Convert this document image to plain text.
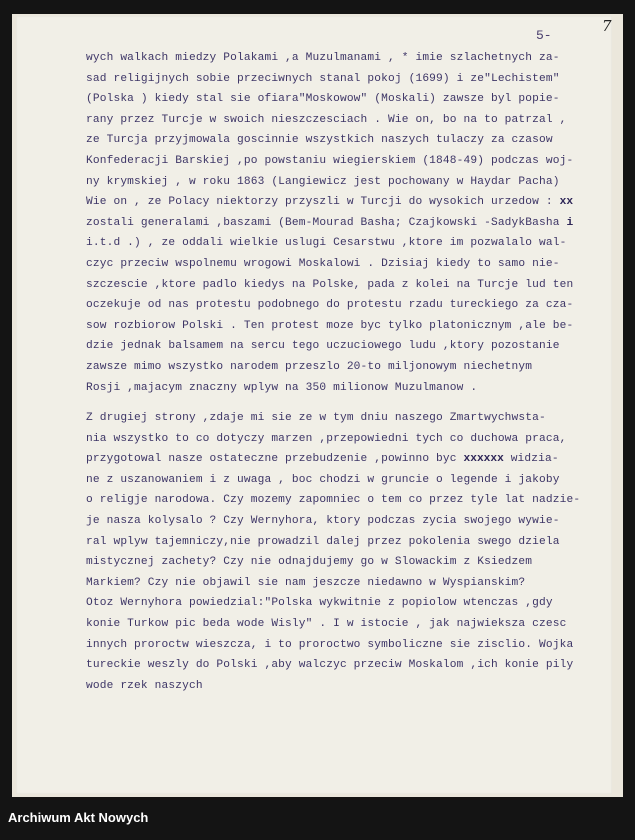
5-
7
wych walkach miedzy Polakami ,a Muzulmanami , * imie szlachetnych za-
sad religijnych sobie przeciwnych stanal pokoj (1699) i ze"Lechistem"
(Polska ) kiedy stal sie ofiara"Moskowow" (Moskali) zawsze byl popie-
rany przez Turcje w swoich nieszczesciach . Wie on, bo na to patrzal ,
ze Turcja przyjmowala goscinnie wszystkich naszych tulaczy za czasow
Konfederacji Barskiej ,po powstaniu wiegierskiem (1848-49) podczas woj-
ny krymskiej , w roku 1863 (Langiewicz jest pochowany w Haydar Pacha)
Wie on , ze Polacy niektorzy przyszli w Turcji do wysokich urzedow : xx
zostali generalami ,baszami (Bem-Mourad Basha; Czajkowski -SadykBasha i
i.t.d .) , ze oddali wielkie uslugi Cesarstwu ,ktore im pozwalalo wal-
czyc przeciw wspolnemu wrogowi Moskalowi . Dzisiaj kiedy to samo nie-
szczescie ,ktore padlo kiedys na Polske, pada z kolei na Turcje lud ten
oczekuje od nas protestu podobnego do protestu rzadu tureckiego za cza-
sow rozbiorow Polski . Ten protest moze byc tylko platonicznym ,ale be-
dzie jednak balsamem na sercu tego uczuciowego ludu ,ktory pozostanie
zawsze mimo wszystko narodem przeszlo 20-to miljonowym niechetnym
Rosji ,majacym znaczny wplyw na 350 milionow Muzulmanow .
Z drugiej strony ,zdaje mi sie ze w tym dniu naszego Zmartwychwsta-
nia wszystko to co dotyczy marzen ,przepowiedni tych co duchowa praca,
przygotowal nasze ostateczne przebudzenie ,powinno byc xxxxxx widzia-
ne z uszanowaniem i z uwaga , boc chodzi w gruncie o legende i jakoby
o religje narodowa. Czy mozemy zapomniec o tem co przez tyle lat nadzie-
je nasza kolysalo ? Czy Wernyhora, ktory podczas zycia swojego wywie-
ral wplyw tajemniczy,nie prowadzil dalej przez pokolenia swego dziela
mistycznej zachety? Czy nie odnajdujemy go w Slowackim z Ksiedzem
Markiem? Czy nie objawil sie nam jeszcze niedawno w Wyspianskim?
Otoz Wernyhora powiedzial:"Polska wykwitnie z popiolow wtenczas ,gdy
konie Turkow pic beda wode Wisly" . I w istocie , jak najwieksza czesc
innych proroctw wieszcza, i to proroctwo symboliczne sie zisclio. Wojka
tureckie weszly do Polski ,aby walczyc przeciw Moskalom ,ich konie pily
wode rzek naszych
Archiwum Akt Nowych
